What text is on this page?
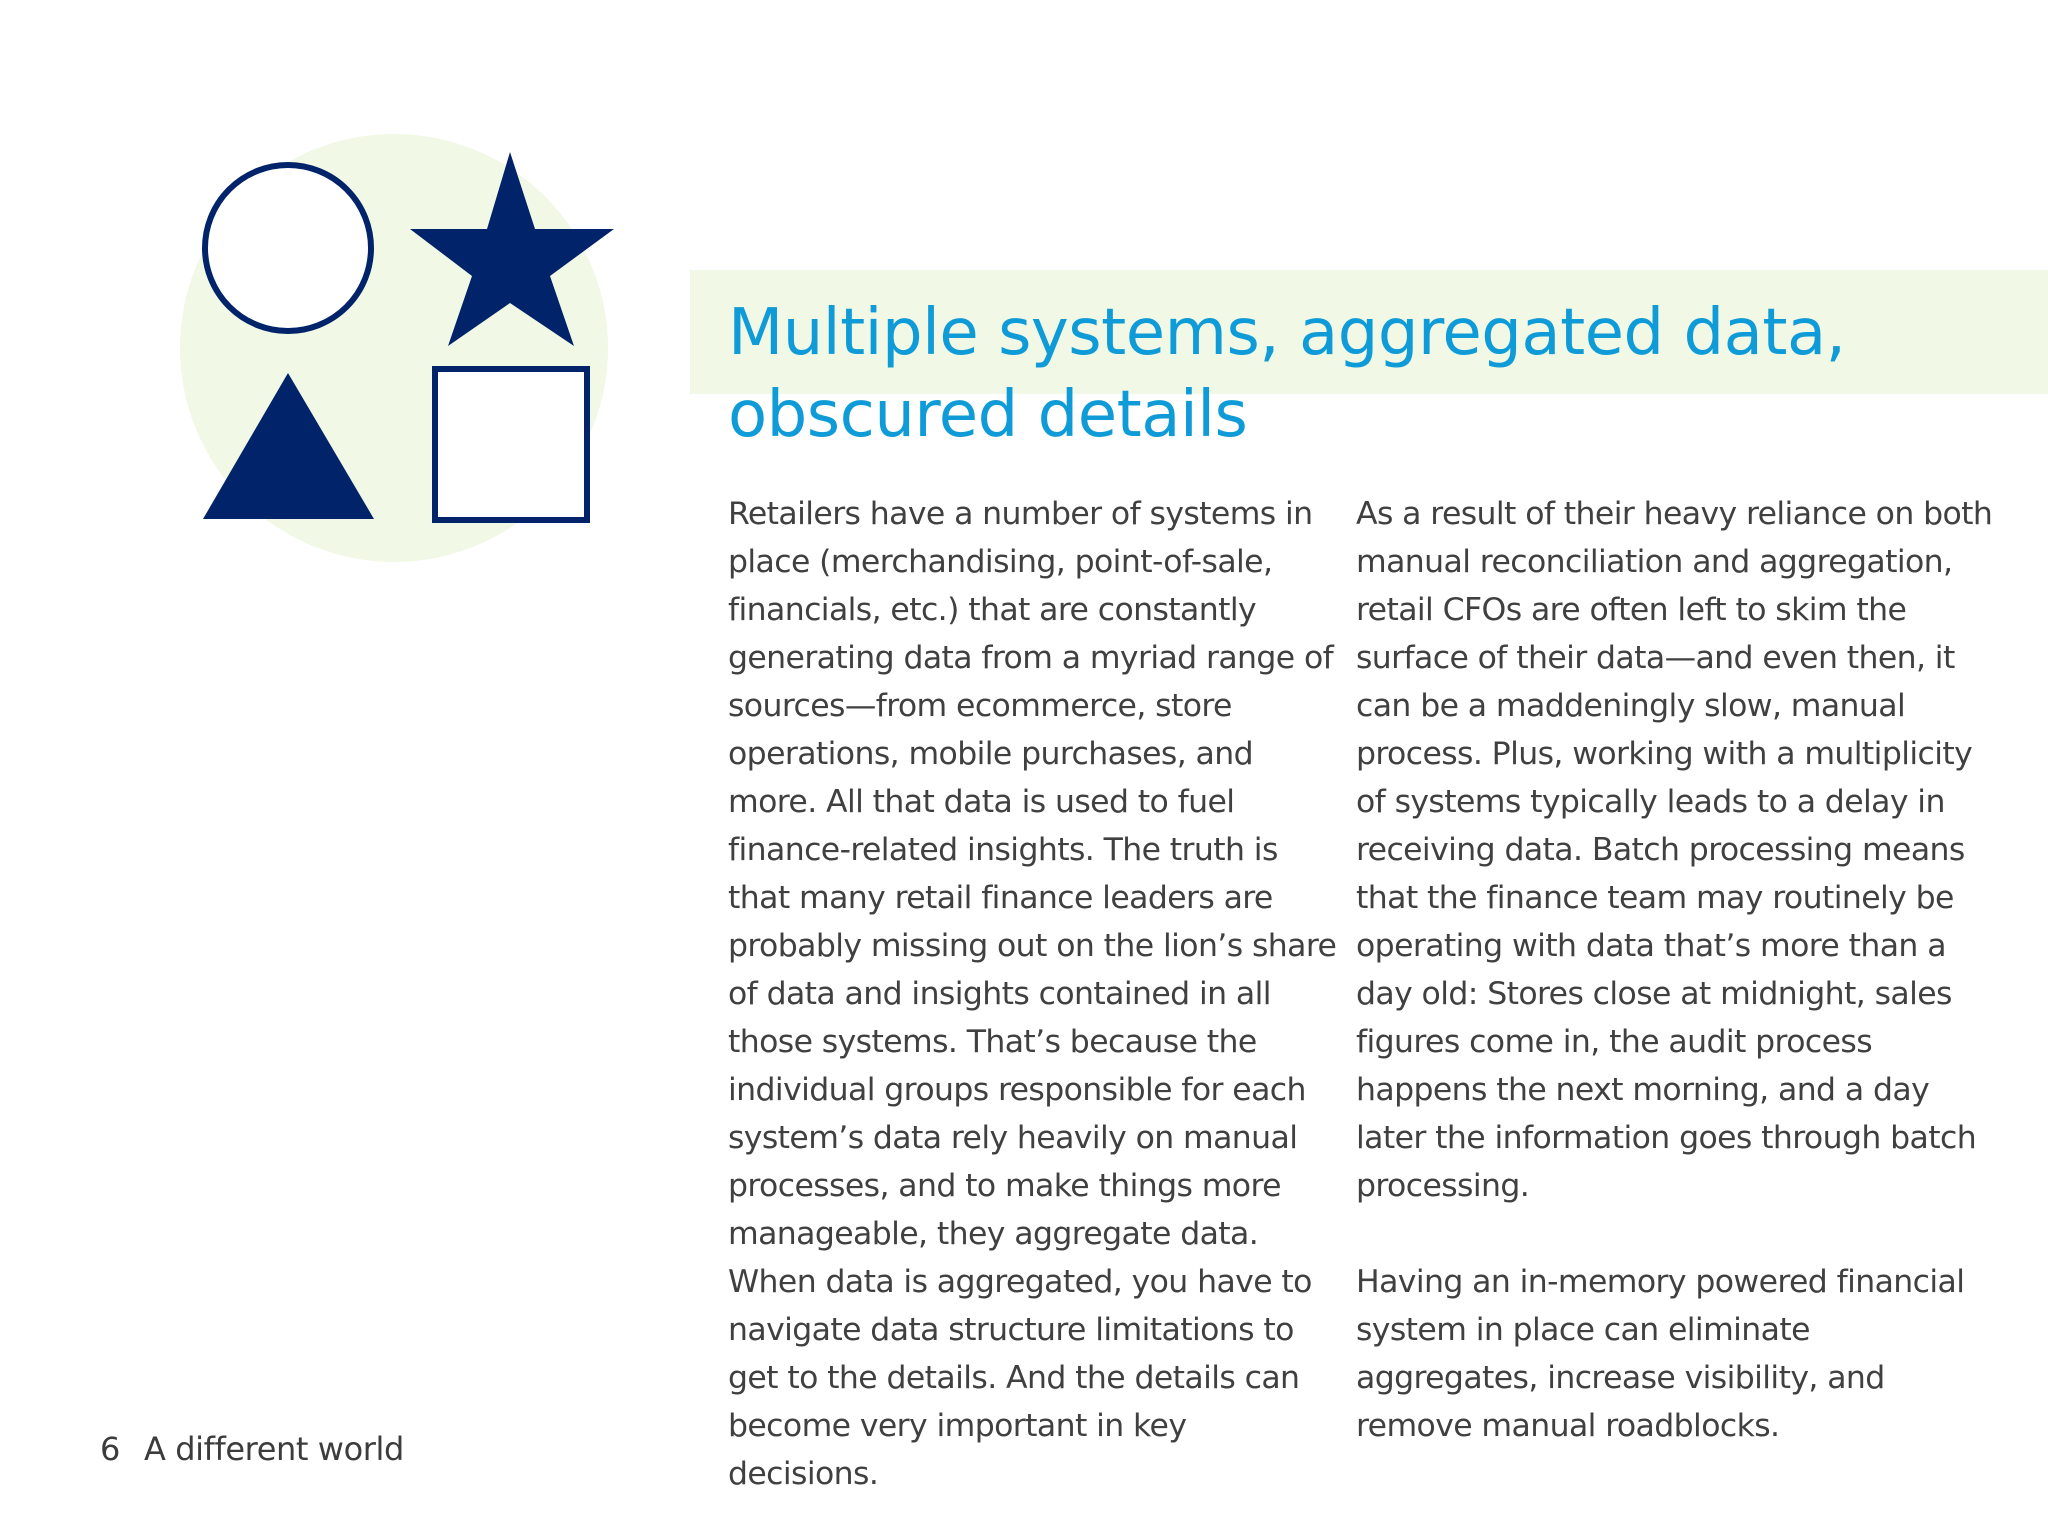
Multiple systems, aggregated data, obscured details

Retailers have a number of systems in place (merchandising, point-of-sale, financials, etc.) that are constantly generating data from a myriad range of sources—from ecommerce, store operations, mobile purchases, and more. All that data is used to fuel finance-related insights. The truth is that many retail finance leaders are probably missing out on the lion’s share of data and insights contained in all those systems. That’s because the individual groups responsible for each system’s data rely heavily on manual processes, and to make things more manageable, they aggregate data. When data is aggregated, you have to navigate data structure limitations to get to the details. And the details can become very important in key decisions.

As a result of their heavy reliance on both manual reconciliation and aggregation, retail CFOs are often left to skim the surface of their data—and even then, it can be a maddeningly slow, manual process. Plus, working with a multiplicity of systems typically leads to a delay in receiving data. Batch processing means that the finance team may routinely be operating with data that’s more than a day old: Stores close at midnight, sales figures come in, the audit process happens the next morning, and a day later the information goes through batch processing.

Having an in-memory powered financial system in place can eliminate aggregates, increase visibility, and remove manual roadblocks.

6 A different world
